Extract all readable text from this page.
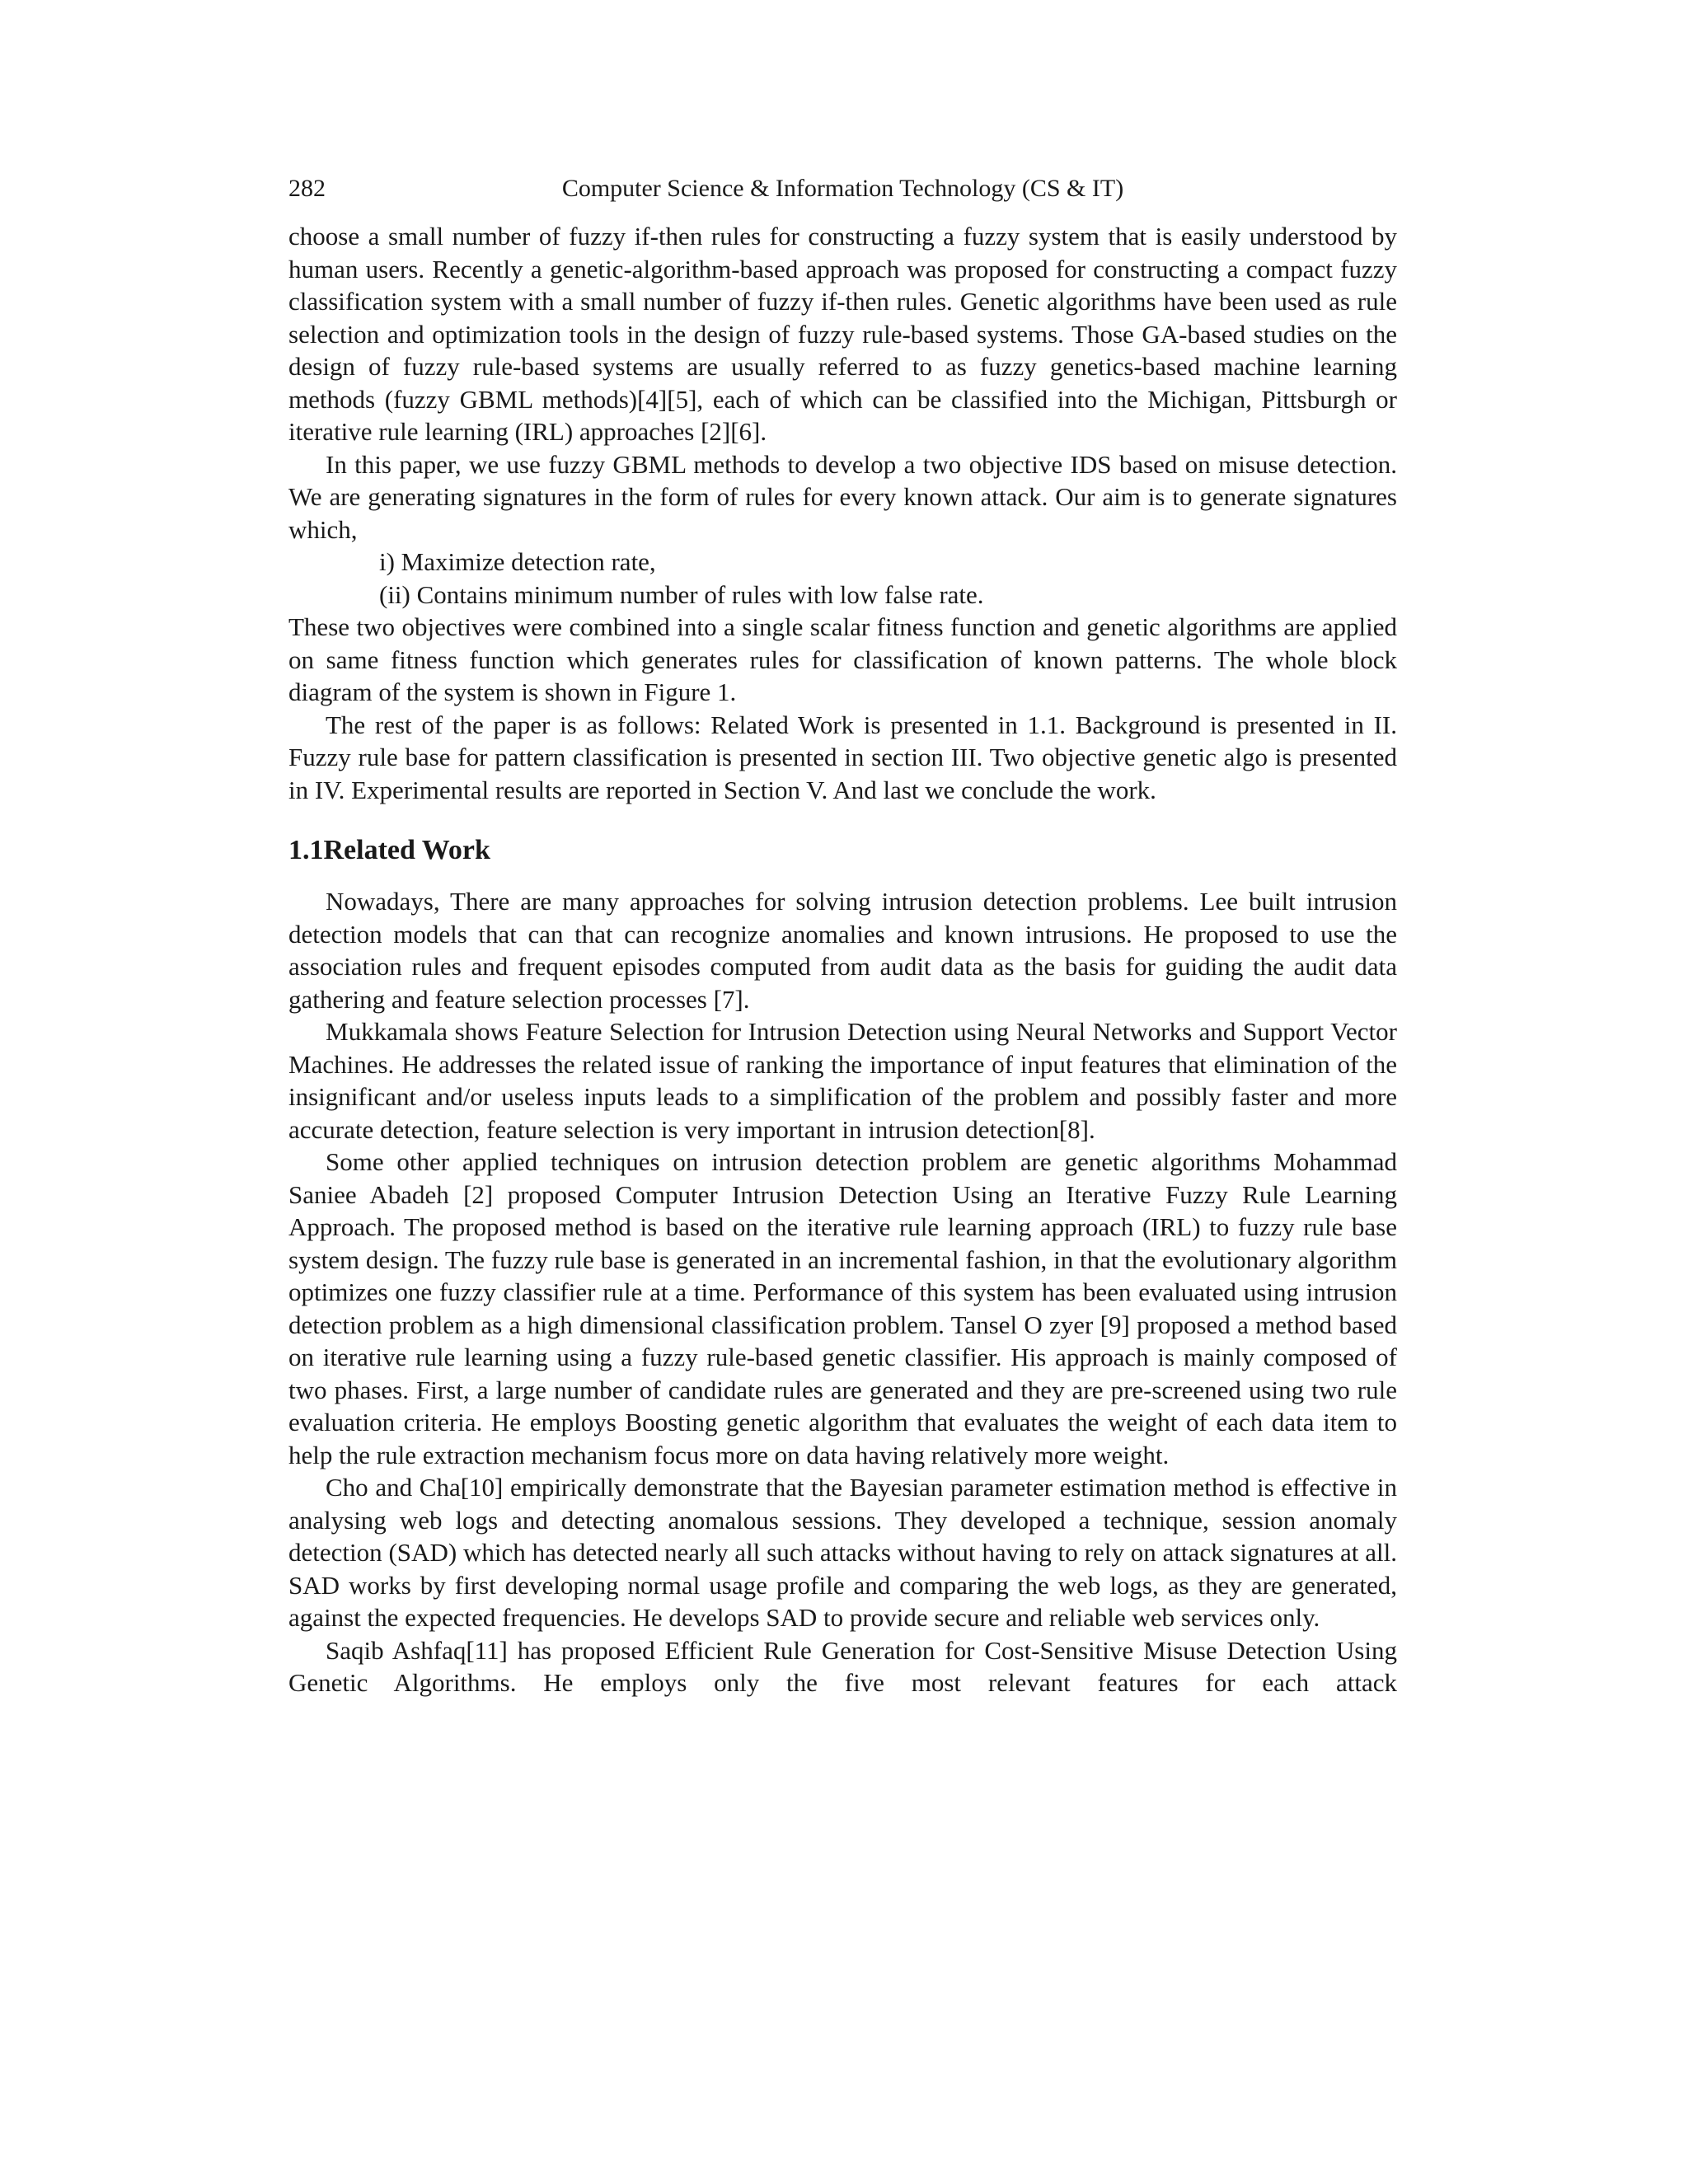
282	Computer Science & Information Technology (CS & IT)

choose a small number of fuzzy if-then rules for constructing a fuzzy system that is easily understood by human users. Recently a genetic-algorithm-based approach was proposed for constructing a compact fuzzy classification system with a small number of fuzzy if-then rules. Genetic algorithms have been used as rule selection and optimization tools in the design of fuzzy rule-based systems. Those GA-based studies on the design of fuzzy rule-based systems are usually referred to as fuzzy genetics-based machine learning methods (fuzzy GBML methods)[4][5], each of which can be classified into the Michigan, Pittsburgh or iterative rule learning (IRL) approaches [2][6].

In this paper, we use fuzzy GBML methods to develop a two objective IDS based on misuse detection. We are generating signatures in the form of rules for every known attack. Our aim is to generate signatures which,

i) Maximize detection rate,

(ii) Contains minimum number of rules with low false rate.

These two objectives were combined into a single scalar fitness function and genetic algorithms are applied on same fitness function which generates rules for classification of known patterns. The whole block diagram of the system is shown in Figure 1.

The rest of the paper is as follows: Related Work is presented in 1.1. Background is presented in II. Fuzzy rule base for pattern classification is presented in section III. Two objective genetic algo is presented in IV. Experimental results are reported in Section V. And last we conclude the work.

1.1Related Work

Nowadays, There are many approaches for solving intrusion detection problems. Lee built intrusion detection models that can that can recognize anomalies and known intrusions. He proposed to use the association rules and frequent episodes computed from audit data as the basis for guiding the audit data gathering and feature selection processes [7].

Mukkamala shows Feature Selection for Intrusion Detection using Neural Networks and Support Vector Machines. He addresses the related issue of ranking the importance of input features that elimination of the insignificant and/or useless inputs leads to a simplification of the problem and possibly faster and more accurate detection, feature selection is very important in intrusion detection[8].

Some other applied techniques on intrusion detection problem are genetic algorithms Mohammad Saniee Abadeh [2] proposed Computer Intrusion Detection Using an Iterative Fuzzy Rule Learning Approach. The proposed method is based on the iterative rule learning approach (IRL) to fuzzy rule base system design. The fuzzy rule base is generated in an incremental fashion, in that the evolutionary algorithm optimizes one fuzzy classifier rule at a time. Performance of this system has been evaluated using intrusion detection problem as a high dimensional classification problem. Tansel O zyer [9] proposed a method based on iterative rule learning using a fuzzy rule-based genetic classifier. His approach is mainly composed of two phases. First, a large number of candidate rules are generated and they are pre-screened using two rule evaluation criteria. He employs Boosting genetic algorithm that evaluates the weight of each data item to help the rule extraction mechanism focus more on data having relatively more weight.

Cho and Cha[10] empirically demonstrate that the Bayesian parameter estimation method is effective in analysing web logs and detecting anomalous sessions. They developed a technique, session anomaly detection (SAD) which has detected nearly all such attacks without having to rely on attack signatures at all. SAD works by first developing normal usage profile and comparing the web logs, as they are generated, against the expected frequencies. He develops SAD to provide secure and reliable web services only.

Saqib Ashfaq[11] has proposed Efficient Rule Generation for Cost-Sensitive Misuse Detection Using Genetic Algorithms. He employs only the five most relevant features for each attack
